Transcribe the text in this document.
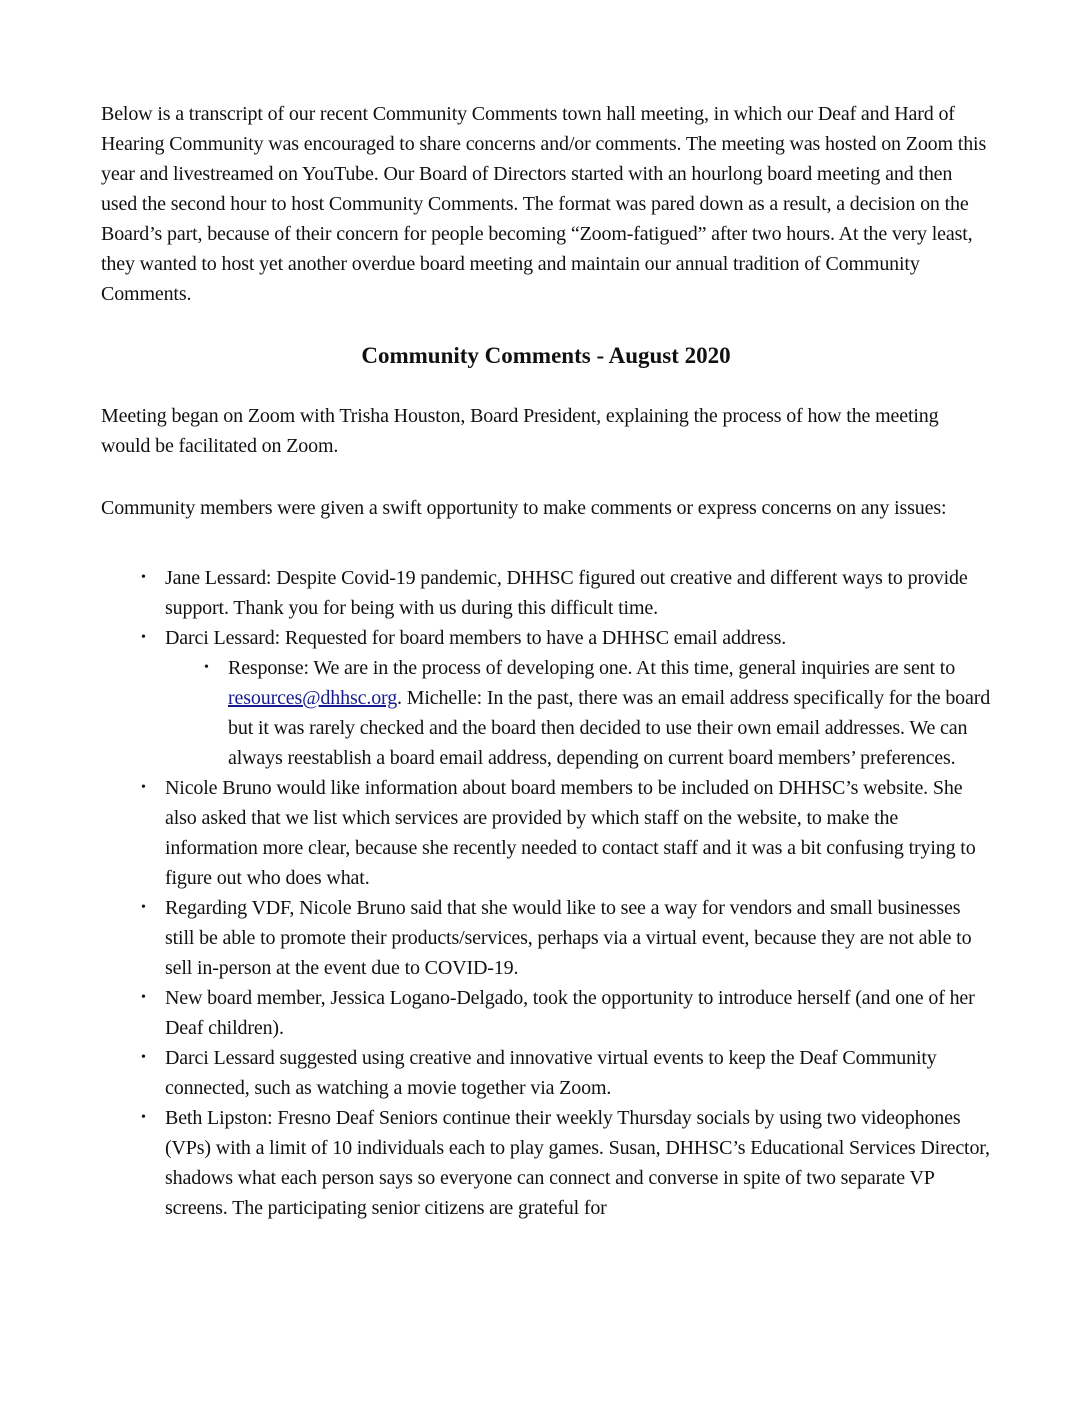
Below is a transcript of our recent Community Comments town hall meeting, in which our Deaf and Hard of Hearing Community was encouraged to share concerns and/or comments. The meeting was hosted on Zoom this year and livestreamed on YouTube. Our Board of Directors started with an hourlong board meeting and then used the second hour to host Community Comments. The format was pared down as a result, a decision on the Board’s part, because of their concern for people becoming “Zoom-fatigued” after two hours. At the very least, they wanted to host yet another overdue board meeting and maintain our annual tradition of Community Comments.

Community Comments - August 2020

Meeting began on Zoom with Trisha Houston, Board President, explaining the process of how the meeting would be facilitated on Zoom.

Community members were given a swift opportunity to make comments or express concerns on any issues:

• Jane Lessard: Despite Covid-19 pandemic, DHHSC figured out creative and different ways to provide support. Thank you for being with us during this difficult time.
• Darci Lessard: Requested for board members to have a DHHSC email address.
• Response: We are in the process of developing one. At this time, general inquiries are sent to resources@dhhsc.org. Michelle: In the past, there was an email address specifically for the board but it was rarely checked and the board then decided to use their own email addresses. We can always reestablish a board email address, depending on current board members’ preferences.
• Nicole Bruno would like information about board members to be included on DHHSC’s website. She also asked that we list which services are provided by which staff on the website, to make the information more clear, because she recently needed to contact staff and it was a bit confusing trying to figure out who does what.
• Regarding VDF, Nicole Bruno said that she would like to see a way for vendors and small businesses still be able to promote their products/services, perhaps via a virtual event, because they are not able to sell in-person at the event due to COVID-19.
• New board member, Jessica Logano-Delgado, took the opportunity to introduce herself (and one of her Deaf children).
• Darci Lessard suggested using creative and innovative virtual events to keep the Deaf Community connected, such as watching a movie together via Zoom.
• Beth Lipston: Fresno Deaf Seniors continue their weekly Thursday socials by using two videophones (VPs) with a limit of 10 individuals each to play games. Susan, DHHSC’s Educational Services Director, shadows what each person says so everyone can connect and converse in spite of two separate VP screens. The participating senior citizens are grateful for
